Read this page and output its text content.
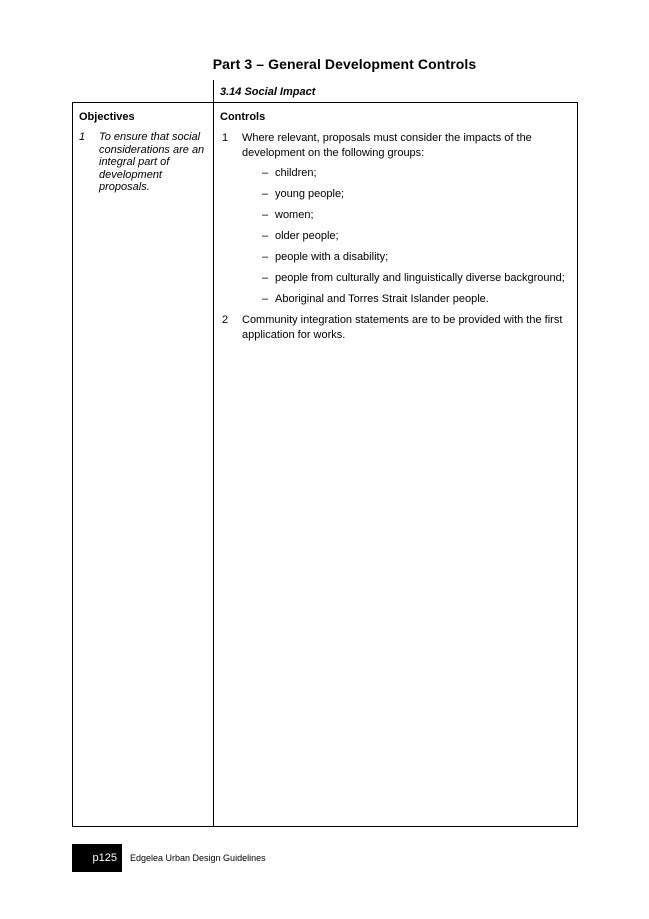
Part 3 – General Development Controls
3.14 Social Impact
Objectives	Controls
1 To ensure that social considerations are an integral part of development proposals.
1 Where relevant, proposals must consider the impacts of the development on the following groups:
– children;
– young people;
– women;
– older people;
– people with a disability;
– people from culturally and linguistically diverse background;
– Aboriginal and Torres Strait Islander people.
2 Community integration statements are to be provided with the first application for works.
p125	Edgelea Urban Design Guidelines
